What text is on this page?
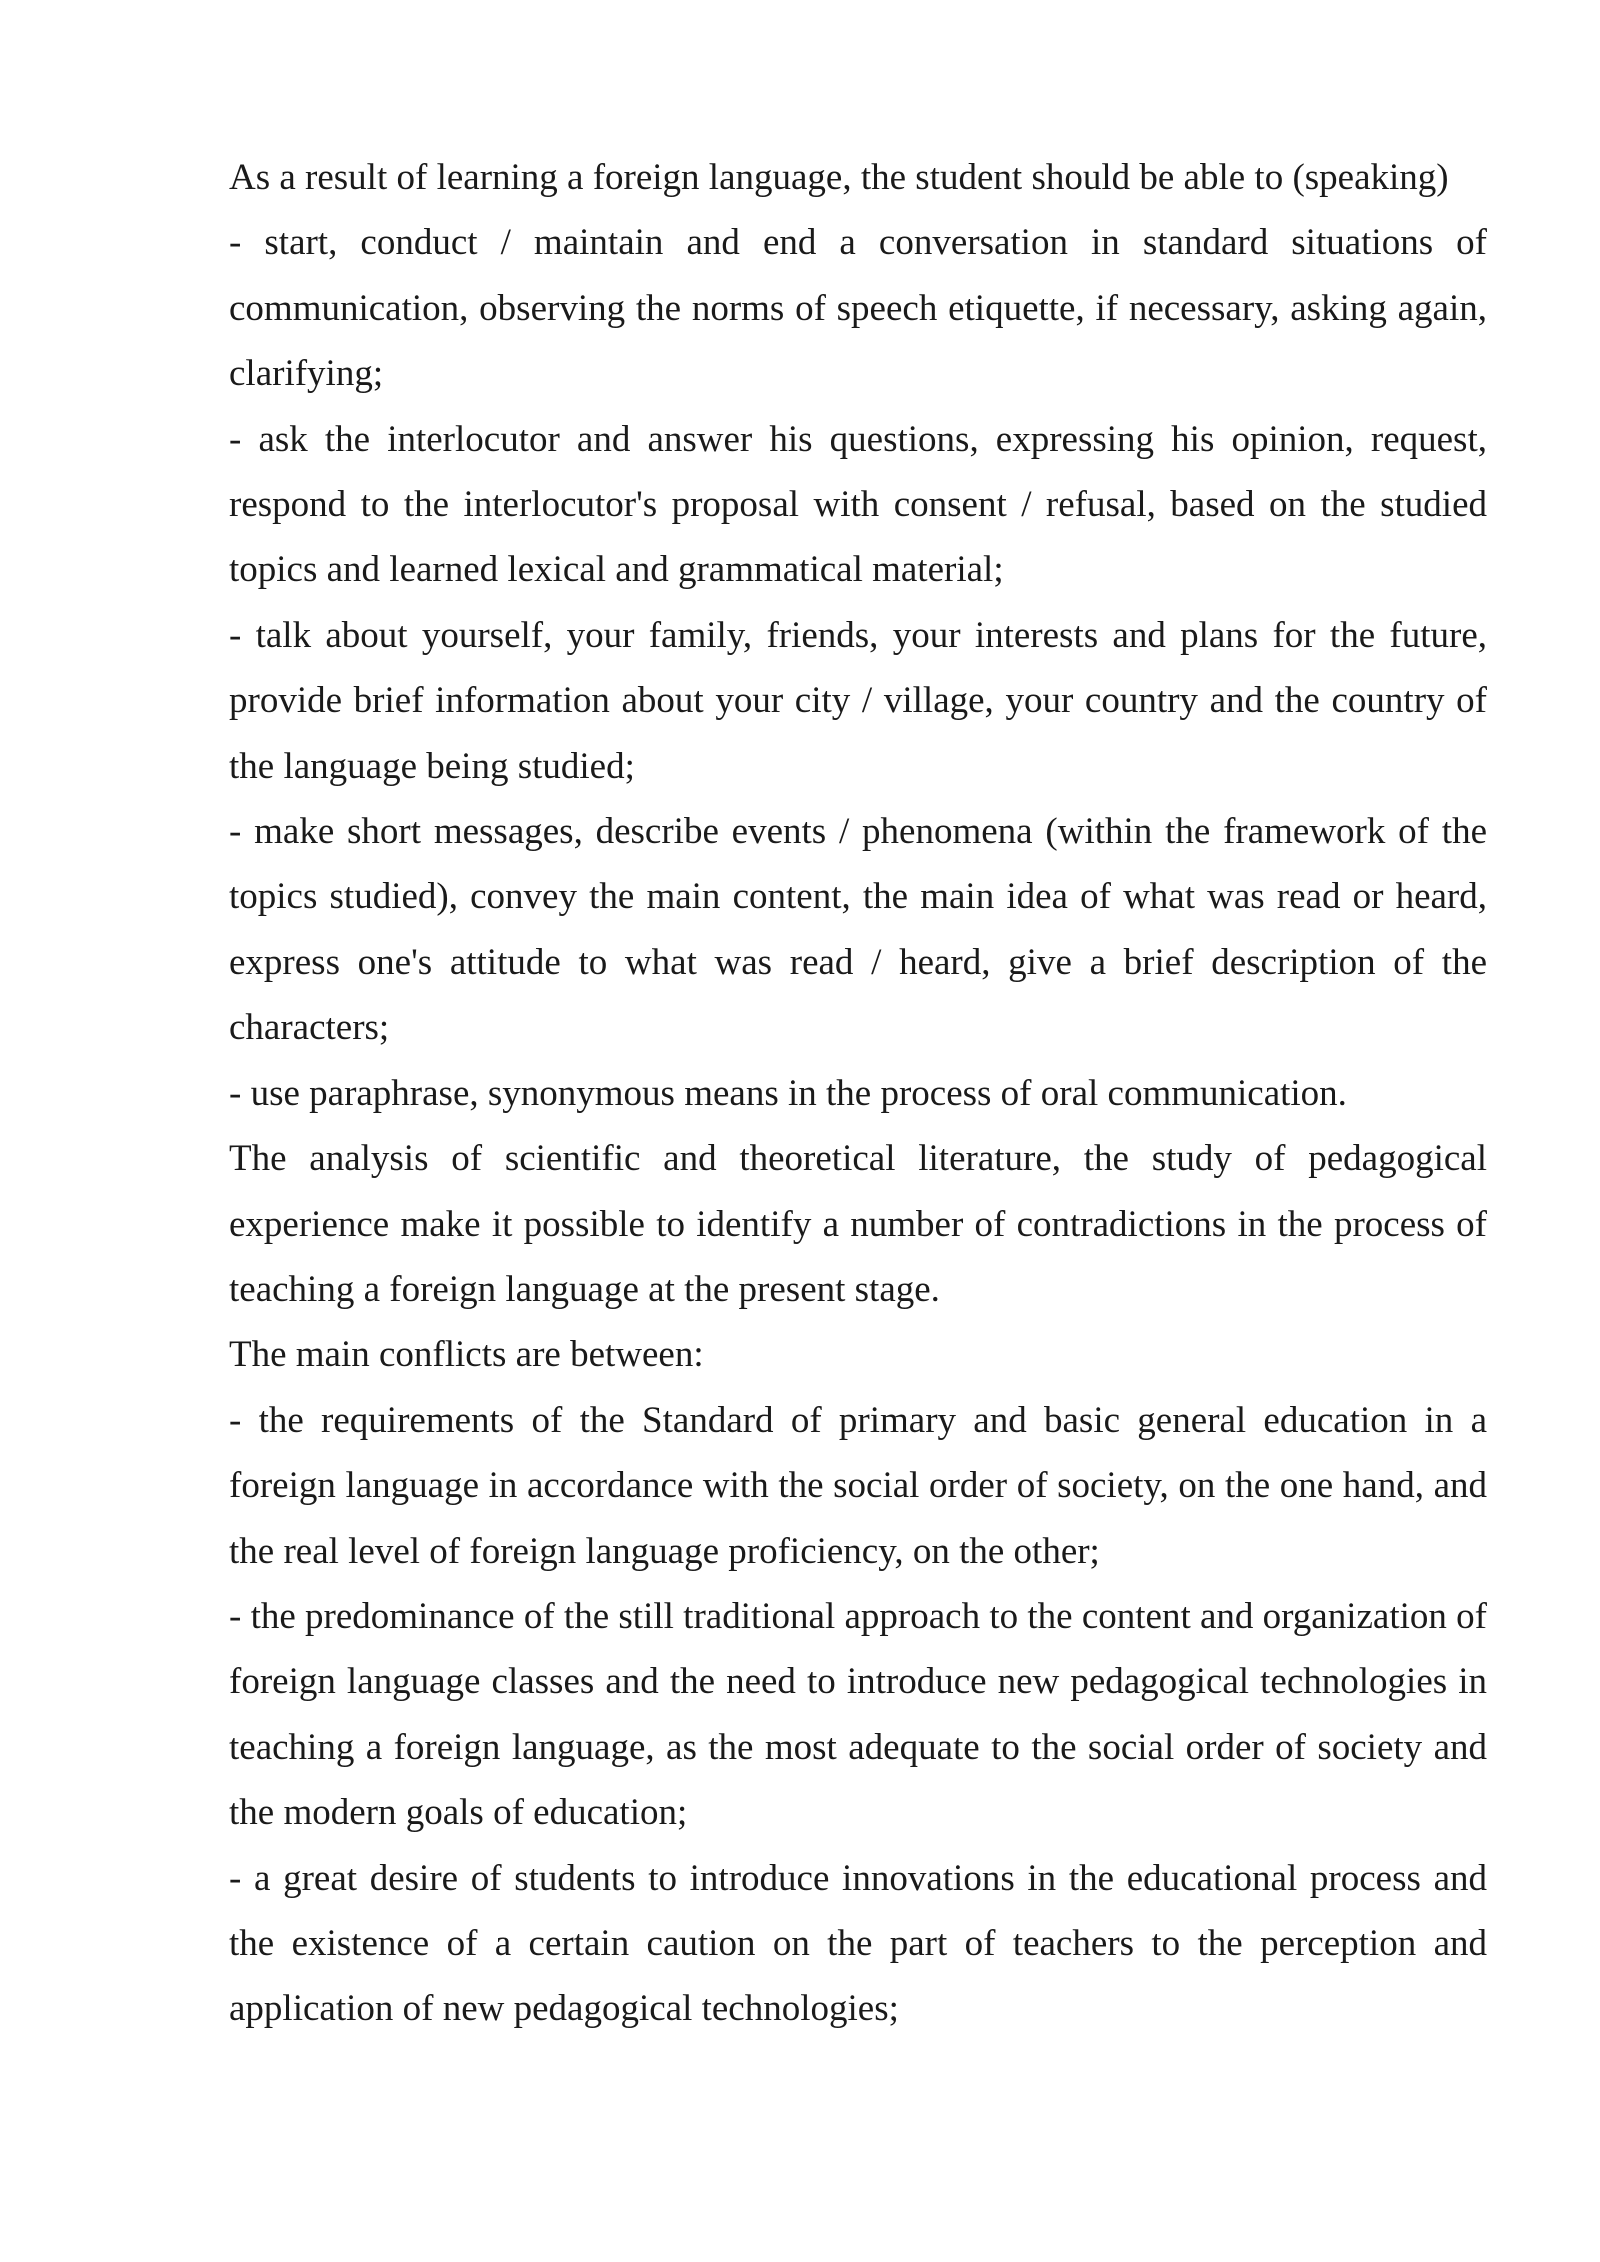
As a result of learning a foreign language, the student should be able to (speaking)

- start, conduct / maintain and end a conversation in standard situations of communication, observing the norms of speech etiquette, if necessary, asking again, clarifying;

- ask the interlocutor and answer his questions, expressing his opinion, request, respond to the interlocutor's proposal with consent / refusal, based on the studied topics and learned lexical and grammatical material;

- talk about yourself, your family, friends, your interests and plans for the future, provide brief information about your city / village, your country and the country of the language being studied;

- make short messages, describe events / phenomena (within the framework of the topics studied), convey the main content, the main idea of what was read or heard, express one's attitude to what was read / heard, give a brief description of the characters;

- use paraphrase, synonymous means in the process of oral communication.

The analysis of scientific and theoretical literature, the study of pedagogical experience make it possible to identify a number of contradictions in the process of teaching a foreign language at the present stage.

The main conflicts are between:

- the requirements of the Standard of primary and basic general education in a foreign language in accordance with the social order of society, on the one hand, and the real level of foreign language proficiency, on the other;

- the predominance of the still traditional approach to the content and organization of foreign language classes and the need to introduce new pedagogical technologies in teaching a foreign language, as the most adequate to the social order of society and the modern goals of education;

- a great desire of students to introduce innovations in the educational process and the existence of a certain caution on the part of teachers to the perception and application of new pedagogical technologies;
